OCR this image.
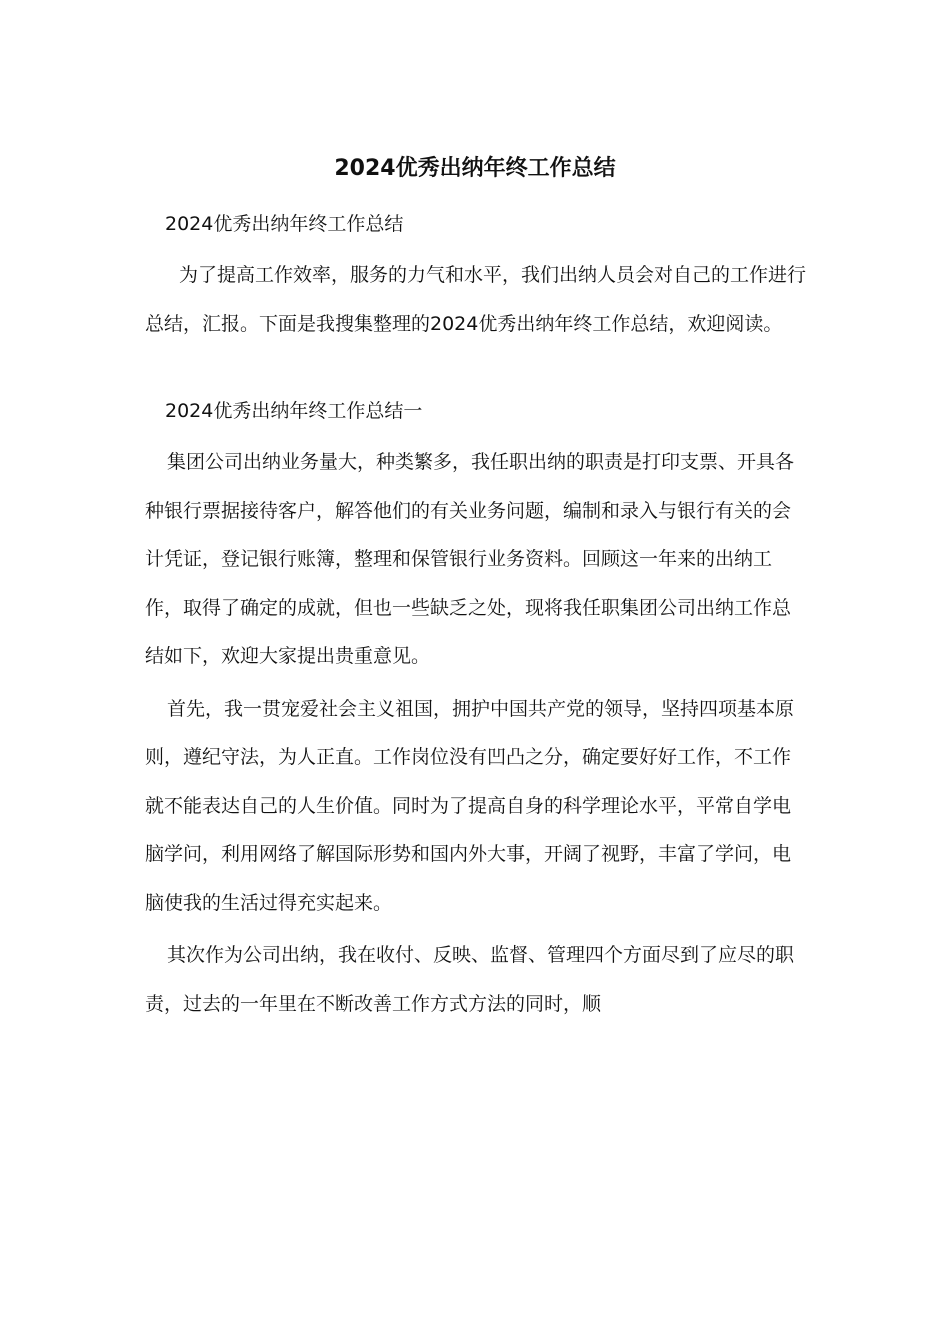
2024优秀出纳年终工作总结

2024优秀出纳年终工作总结

为了提高工作效率，服务的力气和水平，我们出纳人员会对自己的工作进行总结，汇报。下面是我搜集整理的2024优秀出纳年终工作总结，欢迎阅读。

2024优秀出纳年终工作总结一

集团公司出纳业务量大，种类繁多，我任职出纳的职责是打印支票、开具各种银行票据接待客户，解答他们的有关业务问题，编制和录入与银行有关的会计凭证，登记银行账簿，整理和保管银行业务资料。回顾这一年来的出纳工作，取得了确定的成就，但也一些缺乏之处，现将我任职集团公司出纳工作总结如下，欢迎大家提出贵重意见。

首先，我一贯宠爱社会主义祖国，拥护中国共产党的领导，坚持四项基本原则，遵纪守法，为人正直。工作岗位没有凹凸之分，确定要好好工作，不工作就不能表达自己的人生价值。同时为了提高自身的科学理论水平，平常自学电脑学问，利用网络了解国际形势和国内外大事，开阔了视野，丰富了学问，电脑使我的生活过得充实起来。

其次作为公司出纳，我在收付、反映、监督、管理四个方面尽到了应尽的职责，过去的一年里在不断改善工作方式方法的同时，顺
